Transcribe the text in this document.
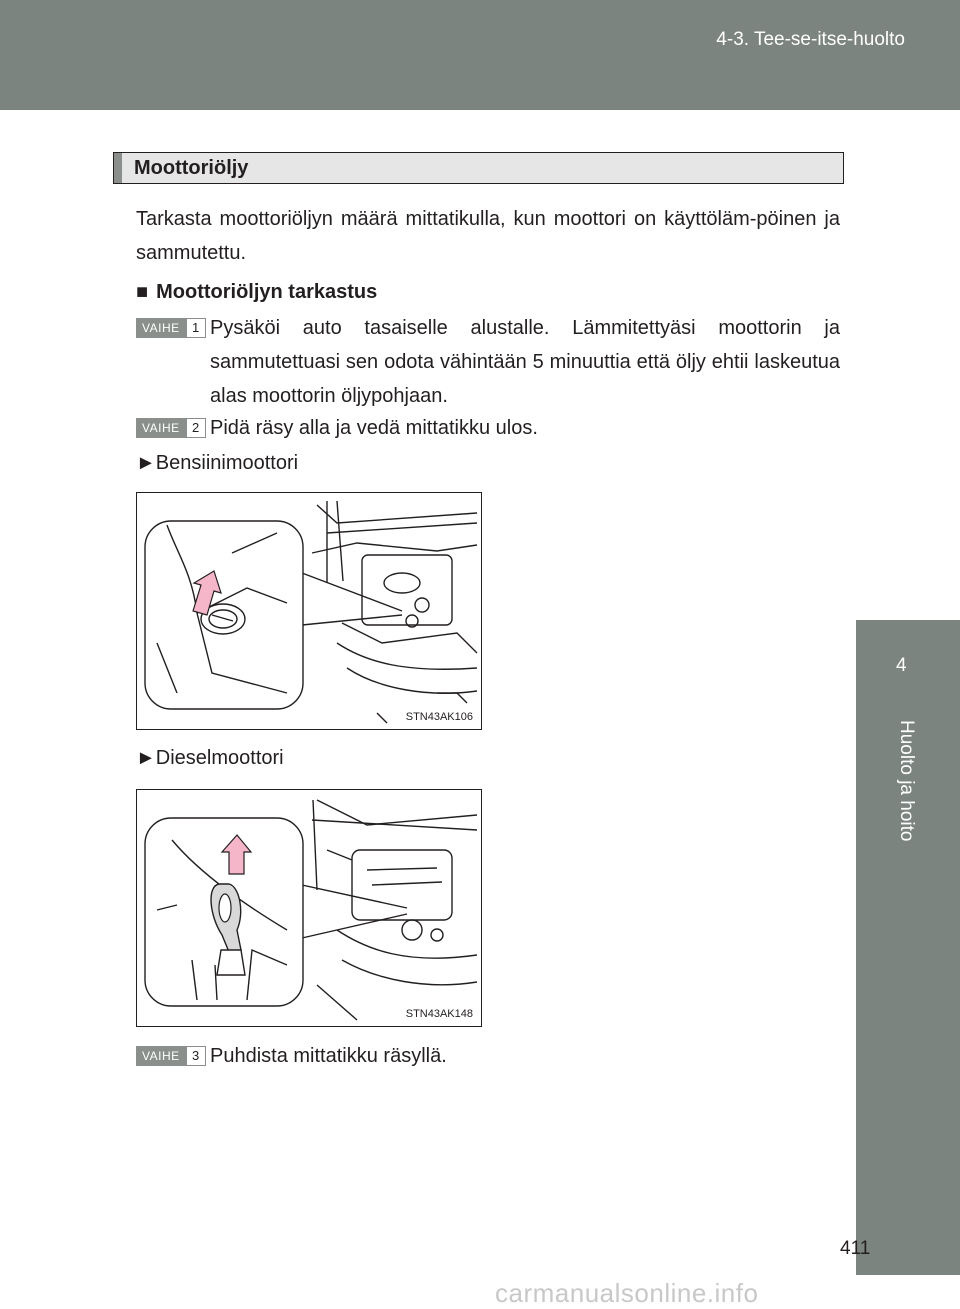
4-3. Tee-se-itse-huolto
4
Huolto ja hoito
Moottoriöljy
Tarkasta moottoriöljyn määrä mittatikulla, kun moottori on käyttöläm-pöinen ja sammutettu.
■ Moottoriöljyn tarkastus
VAIHE 1 Pysäköi auto tasaiselle alustalle. Lämmitettyäsi moottorin ja sammutettuasi sen odota vähintään 5 minuuttia että öljy ehtii laskeutua alas moottorin öljypohjaan.
VAIHE 2 Pidä räsy alla ja vedä mittatikku ulos.
►Bensiinimoottori
STN43AK106
►Dieselmoottori
STN43AK148
VAIHE 3 Puhdista mittatikku räsyllä.
411
carmanualsonline.info
